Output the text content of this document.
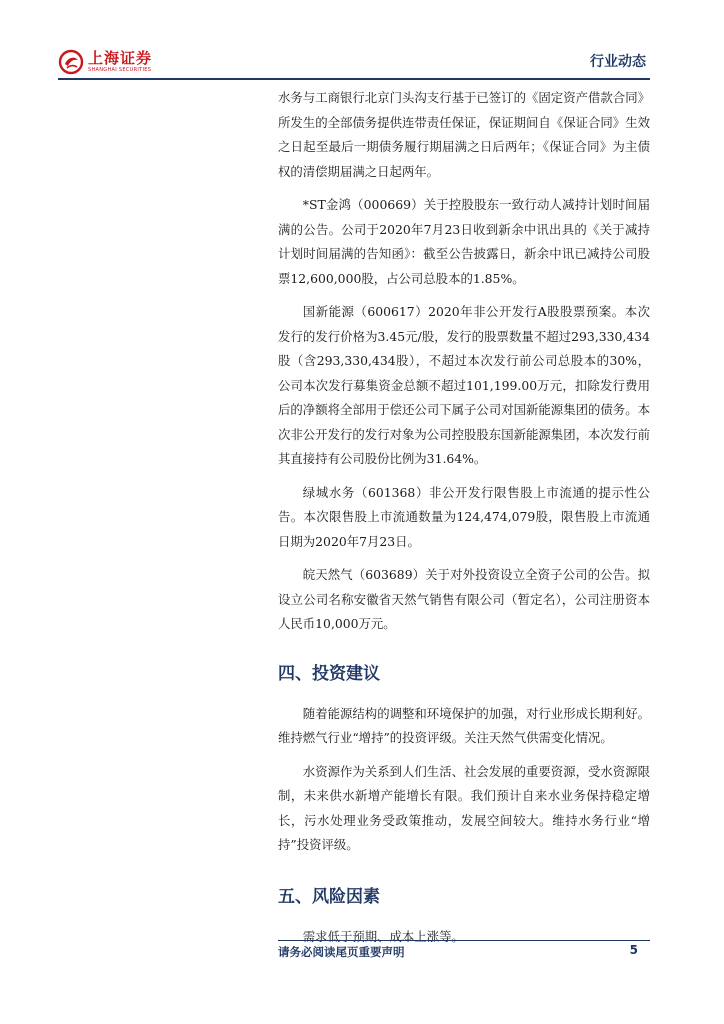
上海证券
SHANGHAI SECURITIES	行业动态

水务与工商银行北京门头沟支行基于已签订的《固定资产借款合同》所发生的全部债务提供连带责任保证，保证期间自《保证合同》生效之日起至最后一期债务履行期届满之日后两年；《保证合同》为主债权的清偿期届满之日起两年。

*ST金鸿（000669）关于控股股东一致行动人减持计划时间届满的公告。公司于2020年7月23日收到新余中讯出具的《关于减持计划时间届满的告知函》：截至公告披露日，新余中讯已减持公司股票12,600,000股，占公司总股本的1.85%。

国新能源（600617）2020年非公开发行A股股票预案。本次发行的发行价格为3.45元/股，发行的股票数量不超过293,330,434股（含293,330,434股），不超过本次发行前公司总股本的30%，公司本次发行募集资金总额不超过101,199.00万元，扣除发行费用后的净额将全部用于偿还公司下属子公司对国新能源集团的债务。本次非公开发行的发行对象为公司控股股东国新能源集团，本次发行前其直接持有公司股份比例为31.64%。

绿城水务（601368）非公开发行限售股上市流通的提示性公告。本次限售股上市流通数量为124,474,079股，限售股上市流通日期为2020年7月23日。

皖天然气（603689）关于对外投资设立全资子公司的公告。拟设立公司名称安徽省天然气销售有限公司（暂定名），公司注册资本人民币10,000万元。

四、投资建议

随着能源结构的调整和环境保护的加强，对行业形成长期利好。维持燃气行业“增持”的投资评级。关注天然气供需变化情况。

水资源作为关系到人们生活、社会发展的重要资源，受水资源限制，未来供水新增产能增长有限。我们预计自来水业务保持稳定增长，污水处理业务受政策推动，发展空间较大。维持水务行业“增持”投资评级。

五、风险因素

需求低于预期、成本上涨等。

请务必阅读尾页重要声明	5
